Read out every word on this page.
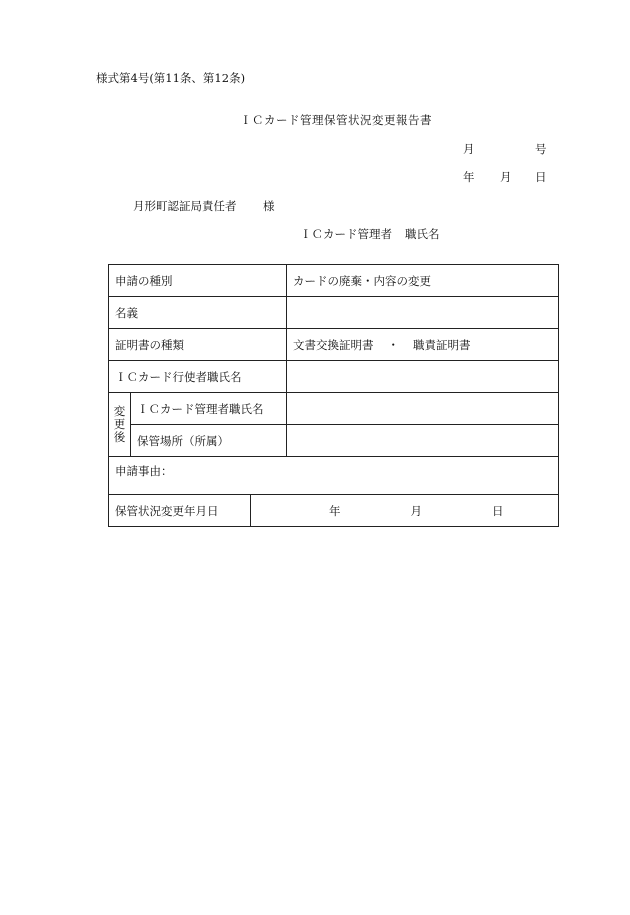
様式第4号(第11条、第12条)
ＩＣカード管理保管状況変更報告書
月	号
年 月 日
月形町認証局責任者 様
ＩＣカード管理者 職氏名
申請の種別			カードの廃棄・内容の変更
名義			
証明書の種類			文書交換証明書 ・ 職責証明書
ＩＣカード行使者職氏名			

変
更
後	ＩＣカード管理者職氏名		
	保管場所（所属）		
申請事由：			
保管状況変更年月日		年 月 日	
